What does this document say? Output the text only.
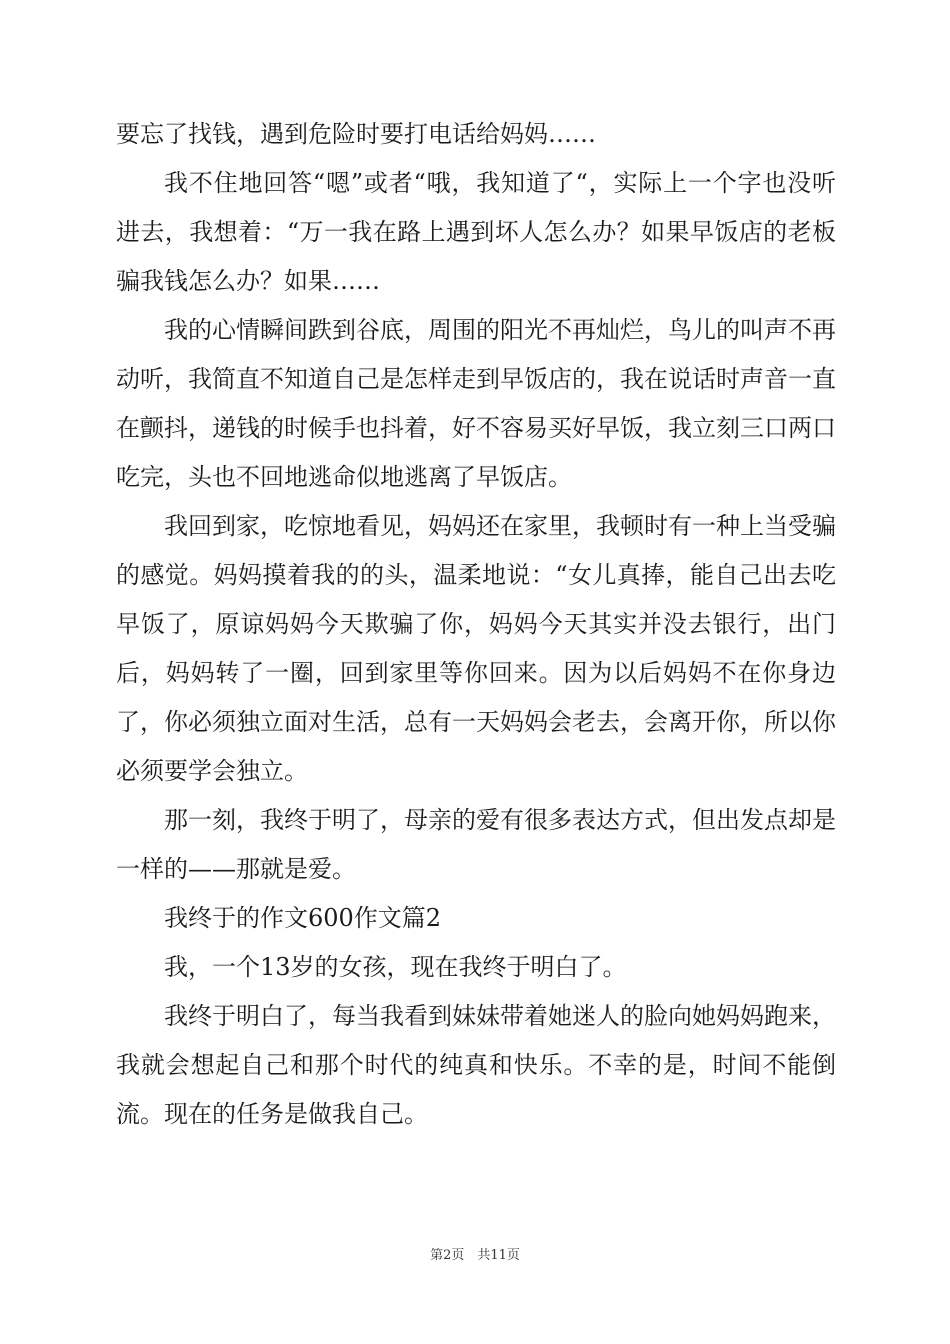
要忘了找钱，遇到危险时要打电话给妈妈……

我不住地回答“嗯”或者“哦，我知道了“，实际上一个字也没听进去，我想着：“万一我在路上遇到坏人怎么办？如果早饭店的老板骗我钱怎么办？如果……

我的心情瞬间跌到谷底，周围的阳光不再灿烂，鸟儿的叫声不再动听，我简直不知道自己是怎样走到早饭店的，我在说话时声音一直在颤抖，递钱的时候手也抖着，好不容易买好早饭，我立刻三口两口吃完，头也不回地逃命似地逃离了早饭店。

我回到家，吃惊地看见，妈妈还在家里，我顿时有一种上当受骗的感觉。妈妈摸着我的的头，温柔地说：“女儿真捧，能自己出去吃早饭了，原谅妈妈今天欺骗了你，妈妈今天其实并没去银行，出门后，妈妈转了一圈，回到家里等你回来。因为以后妈妈不在你身边了，你必须独立面对生活，总有一天妈妈会老去，会离开你，所以你必须要学会独立。

那一刻，我终于明了，母亲的爱有很多表达方式，但出发点却是一样的——那就是爱。

我终于的作文600作文篇2

我，一个13岁的女孩，现在我终于明白了。

我终于明白了，每当我看到妹妹带着她迷人的脸向她妈妈跑来，我就会想起自己和那个时代的纯真和快乐。不幸的是，时间不能倒流。现在的任务是做我自己。

第2页　共11页
